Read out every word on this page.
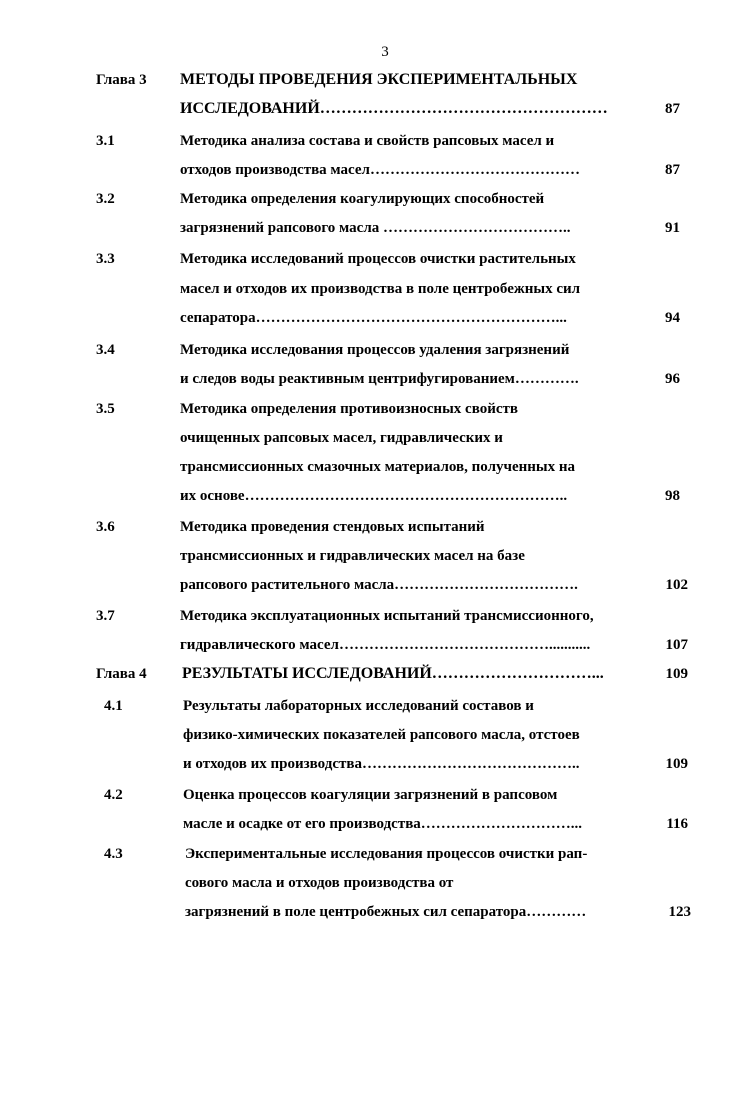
3
Глава 3 МЕТОДЫ ПРОВЕДЕНИЯ ЭКСПЕРИМЕНТАЛЬНЫХ
ИССЛЕДОВАНИЙ………………………………………………	87
3.1	Методика анализа состава и свойств рапсовых масел и
отходов производства масел……………………………………	87
3.2	Методика определения коагулирующих способностей
загрязнений рапсового масла ………………………………..	91
3.3	Методика исследований процессов очистки растительных
масел и отходов их производства в поле центробежных сил
сепаратора……………………………………………………...	94
3.4	Методика исследования процессов удаления загрязнений
и следов воды реактивным центрифугированием………….	96
3.5	Методика определения противоизносных свойств
очищенных рапсовых масел, гидравлических и
трансмиссионных смазочных материалов, полученных на
их основе………………………………………………………..	98
3.6	Методика проведения стендовых испытаний
трансмиссионных и гидравлических масел на базе
рапсового растительного масла……………………………….	102
3.7	Методика эксплуатационных испытаний трансмиссионного,
гидравлического масел……………………………………...........	107
Глава 4 РЕЗУЛЬТАТЫ ИССЛЕДОВАНИЙ…………………………...	109
4.1	Результаты лабораторных исследований составов и
физико-химических показателей рапсового масла, отстоев
и отходов их производства……………………………………..	109
4.2	Оценка процессов коагуляции загрязнений в рапсовом
масле и осадке от его производства…………………………...	116
4.3	Экспериментальные исследования процессов очистки рап-
сового масла и отходов производства от
загрязнений в поле центробежных сил сепаратора…………	123
